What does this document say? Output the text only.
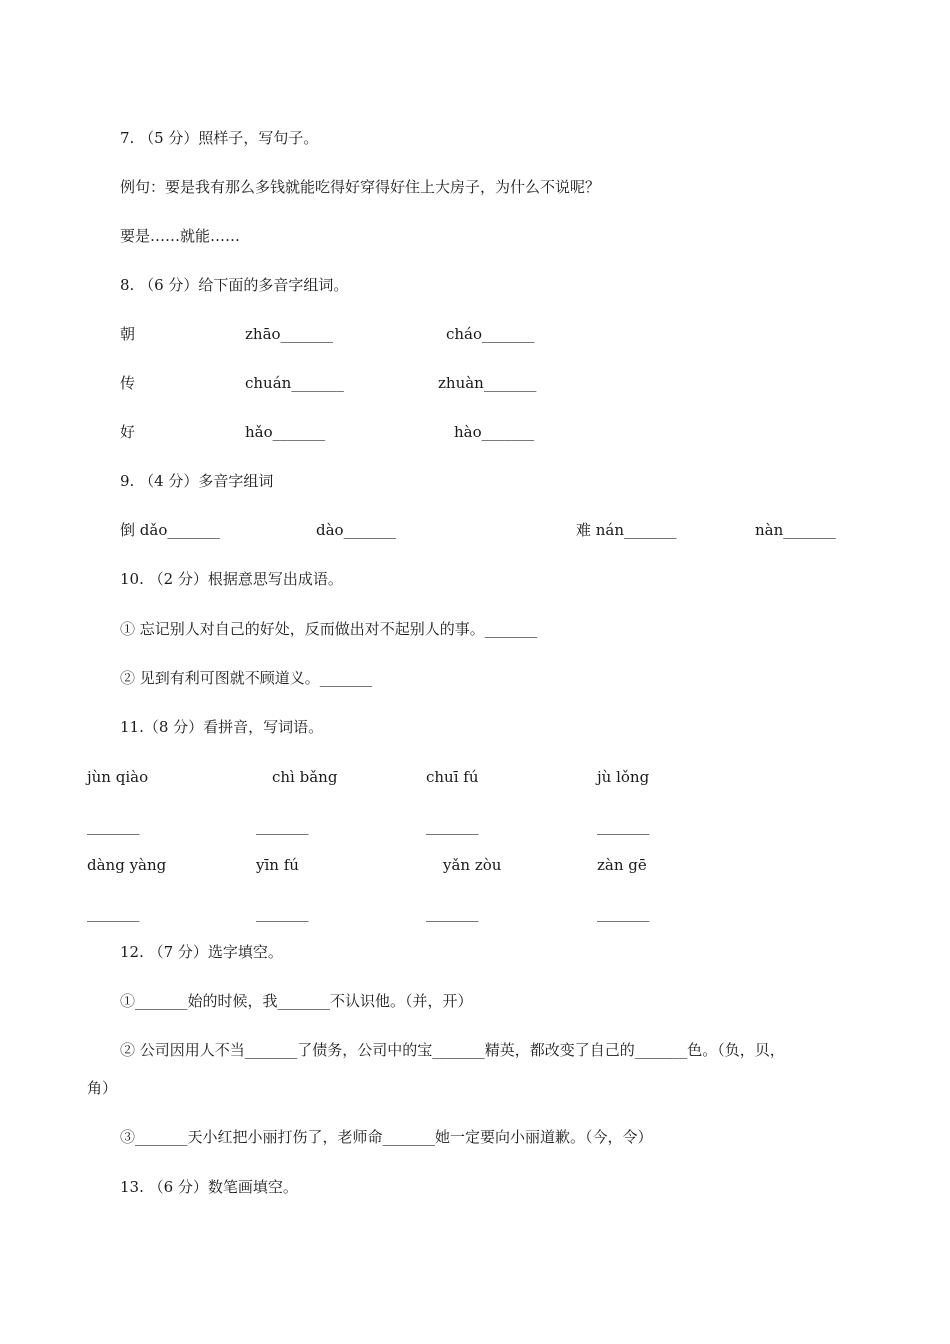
7. （5 分）照样子，写句子。
例句：要是我有那么多钱就能吃得好穿得好住上大房子，为什么不说呢？
要是……就能……
8. （6 分）给下面的多音字组词。
朝	zhāo_______	cháo_______
传	chuán_______	zhuàn_______
好	hǎo_______	hào_______
9. （4 分）多音字组词
倒 dǎo_______	dào_______	难 nán_______	nàn_______
10. （2 分）根据意思写出成语。
① 忘记别人对自己的好处，反而做出对不起别人的事。_______
② 见到有利可图就不顾道义。_______
11.（8 分）看拼音，写词语。
jùn qiào	chì bǎng	chuī fú	jù lǒng
_______	_______	_______	_______
dàng yàng	yīn fú	yǎn zòu	zàn gē
_______	_______	_______	_______
12. （7 分）选字填空。
①_______始的时候，我_______不认识他。（并，开）
② 公司因用人不当_______了债务，公司中的宝_______精英，都改变了自己的_______色。（负，贝，
角）
③_______天小红把小丽打伤了，老师命_______她一定要向小丽道歉。（今，令）
13. （6 分）数笔画填空。
